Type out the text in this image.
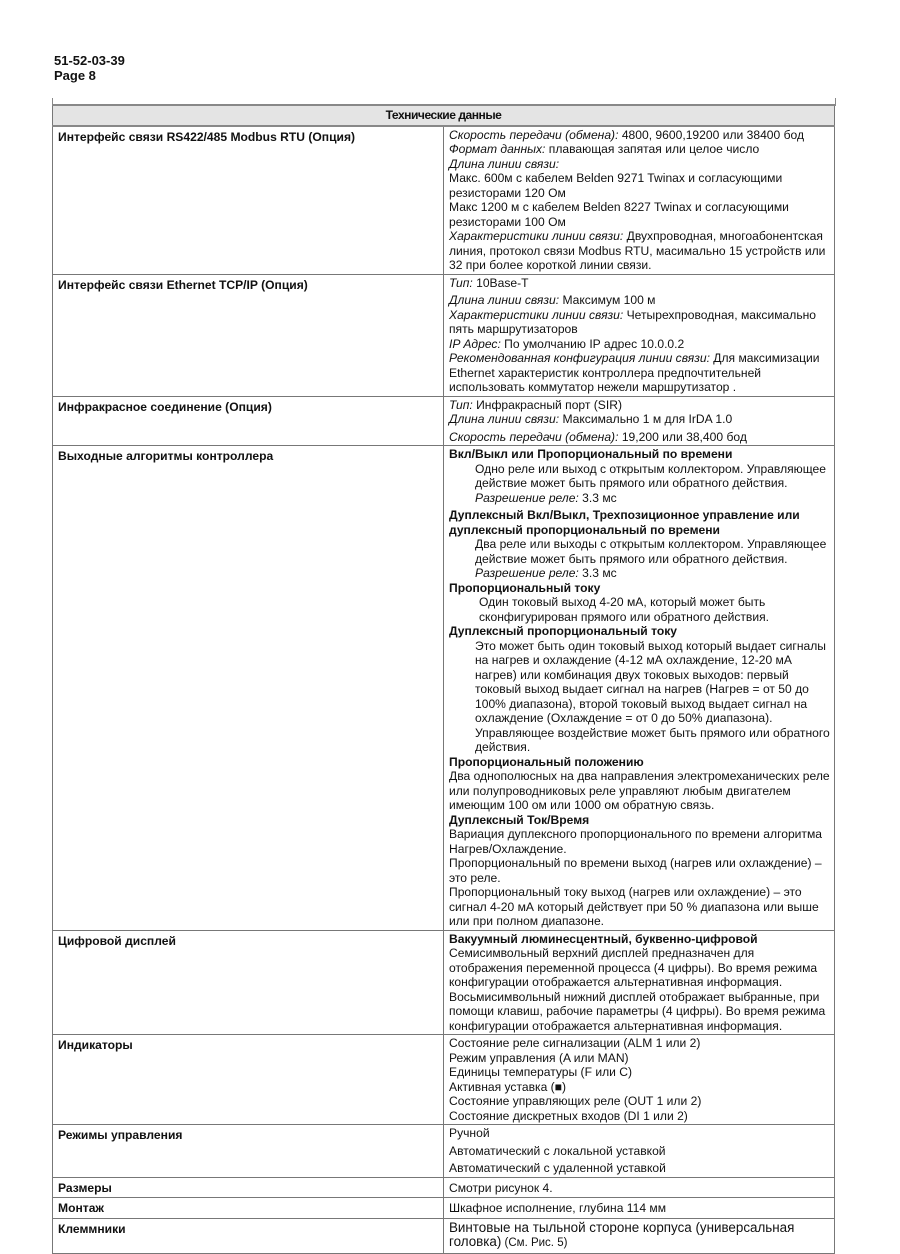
51-52-03-39
Page 8
Технические данные	
Интерфейс связи RS422/485 Modbus RTU (Опция)	Скорость передачи (обмена): 4800, 9600,19200 или 38400 бод
Формат данных: плавающая запятая или целое число
Длина линии связи:
Макс. 600м с кабелем Belden 9271 Twinax и согласующими резисторами 120 Ом
Макс 1200 м с кабелем Belden 8227 Twinax и согласующими резисторами 100 Ом
Характеристики линии связи: Двухпроводная, многоабонентская линия, протокол связи Modbus RTU, масимально 15 устройств или 32 при более короткой линии связи.

Интерфейс связи Ethernet TCP/IP (Опция)	Тип: 10Base-T
Длина линии связи: Максимум 100 м
Характеристики линии связи: Четырехпроводная, максимально пять маршрутизаторов
IP Адрес: По умолчанию IP адрес 10.0.0.2
Рекомендованная конфигурация линии связи: Для максимизации Ethernet характеристик контроллера предпочтительней использовать коммутатор нежели маршрутизатор .

Инфракрасное соединение (Опция)	Тип: Инфракрасный порт (SIR)
Длина линии связи: Максимально 1 м для IrDA 1.0
Скорость передачи (обмена): 19,200 или 38,400 бод

Выходные алгоритмы контроллера	Вкл/Выкл или Пропорциональный по времени
Одно реле или выход с открытым коллектором. Управляющее действие может быть прямого или обратного действия.
Разрешение реле: 3.3 мс
Дуплексный Вкл/Выкл, Трехпозиционное управление или дуплексный пропорциональный по времени
Два реле или выходы с открытым коллектором. Управляющее действие может быть прямого или обратного действия.
Разрешение реле: 3.3 мс
Пропорциональный току
Один токовый выход 4-20 мА, который может быть сконфигурирован прямого или обратного действия.
Дуплексный пропорциональный току
Это может быть один токовый выход который выдает сигналы на нагрев и охлаждение (4-12 мА охлаждение, 12-20 мА нагрев) или комбинация двух токовых выходов: первый токовый выход выдает сигнал на нагрев (Нагрев = от 50 до 100% диапазона), второй токовый выход выдает сигнал на охлаждение (Охлаждение = от 0 до 50% диапазона). Управляющее воздействие может быть прямого или обратного действия.
Пропорциональный положению
Два однополюсных на два направления электромеханических реле или полупроводниковых реле управляют любым двигателем имеющим 100 ом или 1000 ом обратную связь.
Дуплексный Ток/Время
Вариация дуплексного пропорционального по времени алгоритма Нагрев/Охлаждение.
Пропорциональный по времени выход (нагрев или охлаждение) – это реле.
Пропорциональный току выход (нагрев или охлаждение) – это сигнал 4-20 мА который действует при 50 % диапазона или выше или при полном диапазоне.

Цифровой дисплей	Вакуумный люминесцентный, буквенно-цифровой
Семисимвольный верхний дисплей предназначен для отображения переменной процесса (4 цифры). Во время режима конфигурации отображается альтернативная информация. Восьмисимвольный нижний дисплей отображает выбранные, при помощи клавиш, рабочие параметры (4 цифры). Во время режима конфигурации отображается альтернативная информация.

Индикаторы	Состояние реле сигнализации (ALM 1 или 2)
Режим управления (A или MAN)
Единицы температуры (F или C)
Активная уставка (■)
Состояние управляющих реле (OUT 1 или 2)
Состояние дискретных входов (DI 1 или 2)

Режимы управления	Ручной
Автоматический с локальной уставкой
Автоматический с удаленной уставкой

Размеры	Смотри рисунок 4.
Монтаж	Шкафное исполнение, глубина 114 мм
Клеммники	Винтовые на тыльной стороне корпуса (универсальная головка) (См. Рис. 5)
